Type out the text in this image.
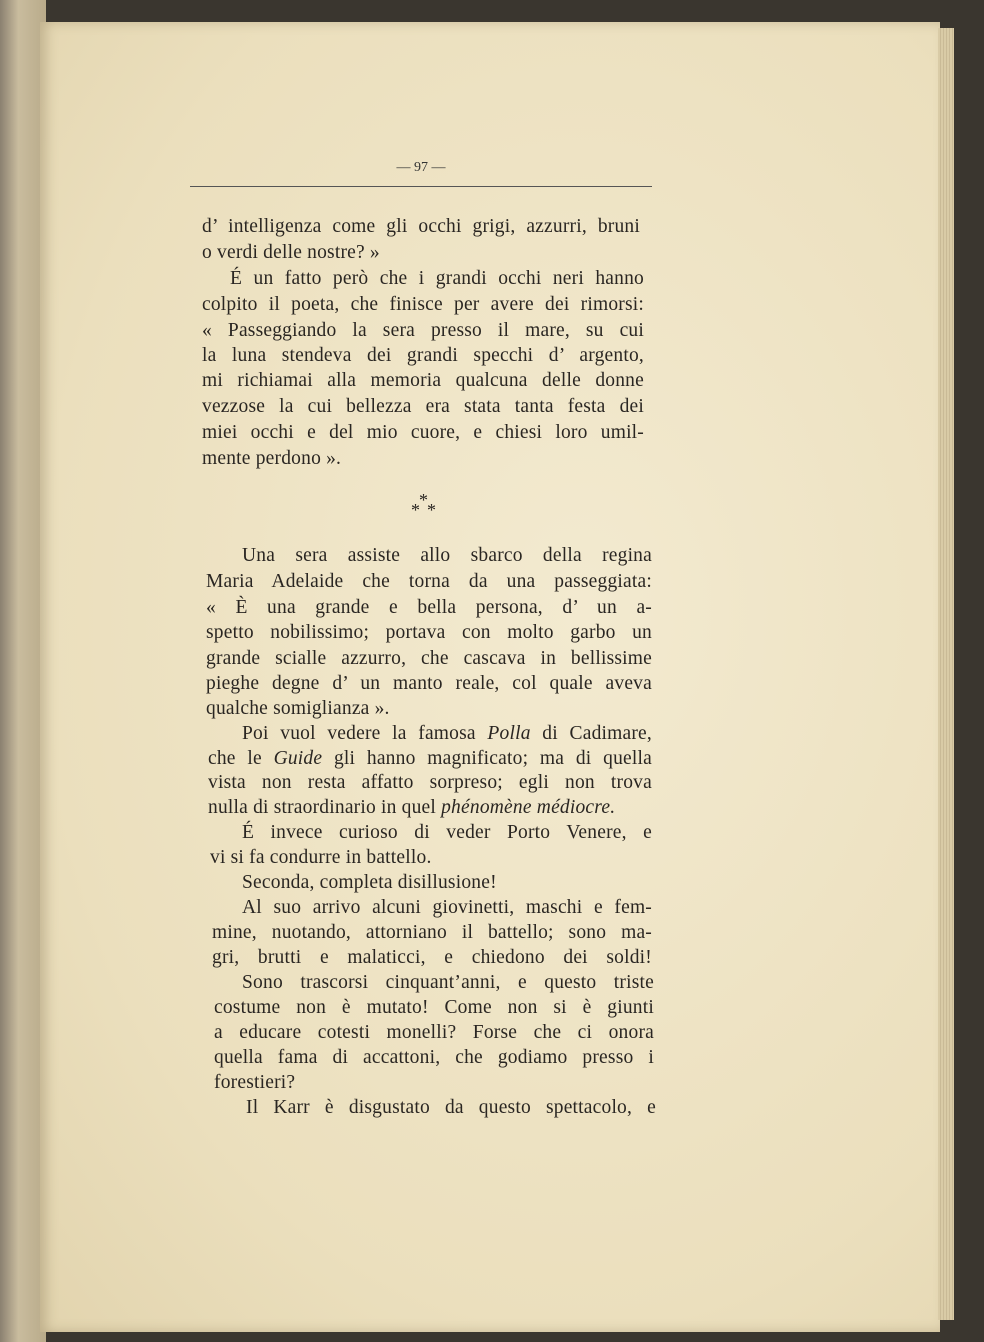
— 97 —
d’ intelligenza come gli occhi grigi, azzurri, bruni
o verdi delle nostre? »
É un fatto però che i grandi occhi neri hanno
colpito il poeta, che finisce per avere dei rimorsi:
« Passeggiando la sera presso il mare, su cui
la luna stendeva dei grandi specchi d’ argento,
mi richiamai alla memoria qualcuna delle donne
vezzose la cui bellezza era stata tanta festa dei
miei occhi e del mio cuore, e chiesi loro umil-
mente perdono ».
*
* *
Una sera assiste allo sbarco della regina
Maria Adelaide che torna da una passeggiata:
« È una grande e bella persona, d’ un a-
spetto nobilissimo; portava con molto garbo un
grande scialle azzurro, che cascava in bellissime
pieghe degne d’ un manto reale, col quale aveva
qualche somiglianza ».
Poi vuol vedere la famosa Polla di Cadimare,
che le Guide gli hanno magnificato; ma di quella
vista non resta affatto sorpreso; egli non trova
nulla di straordinario in quel phénomène médiocre.
É invece curioso di veder Porto Venere, e
vi si fa condurre in battello.
Seconda, completa disillusione!
Al suo arrivo alcuni giovinetti, maschi e fem-
mine, nuotando, attorniano il battello; sono ma-
gri, brutti e malaticci, e chiedono dei soldi!
Sono trascorsi cinquant’anni, e questo triste
costume non è mutato! Come non si è giunti
a educare cotesti monelli? Forse che ci onora
quella fama di accattoni, che godiamo presso i
forestieri?
Il Karr è disgustato da questo spettacolo, e
